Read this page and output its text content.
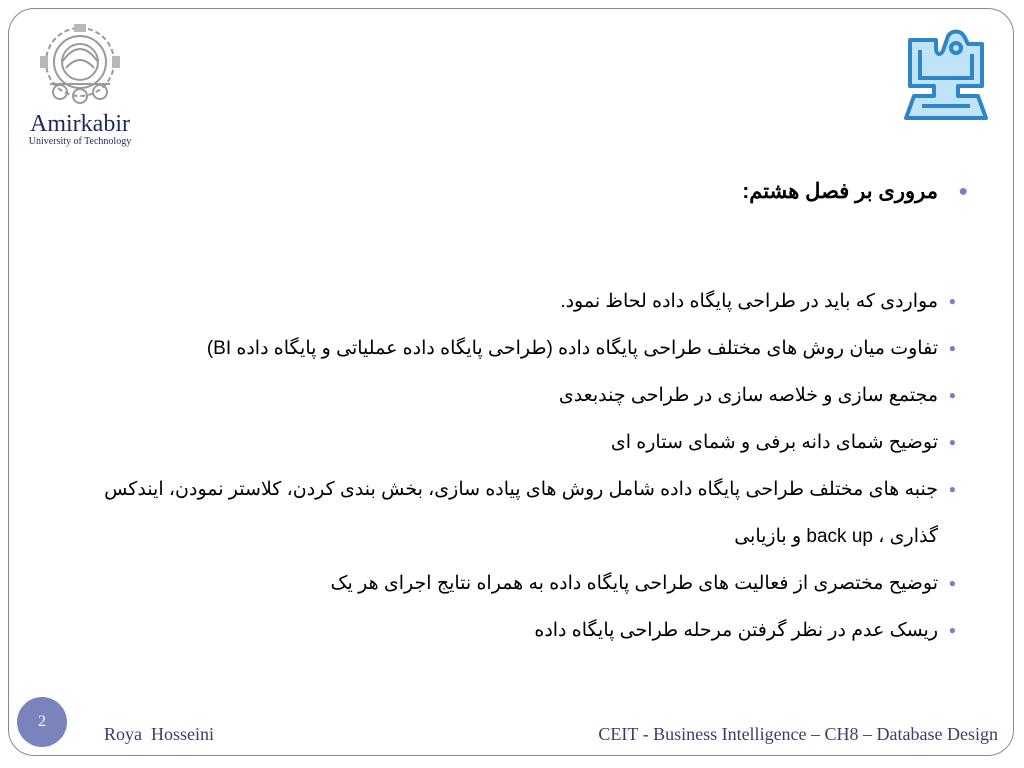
Amirkabir
University of Technology
●
مروری بر فصل هشتم:
●
مواردی که باید در طراحی پایگاه داده لحاظ نمود.
●
تفاوت میان روش های مختلف طراحی پایگاه داده (طراحی پایگاه داده عملیاتی و پایگاه داده BI)
●
مجتمع سازی و خلاصه سازی در طراحی چندبعدی
●
توضیح شمای دانه برفی و شمای ستاره ای
●
جنبه های مختلف طراحی پایگاه داده شامل روش های پیاده سازی، بخش بندی کردن، کلاستر نمودن، ایندکس گذاری ، back up و بازیابی
●
توضیح مختصری از فعالیت های طراحی پایگاه داده به همراه نتایج اجرای هر یک
●
ریسک عدم در نظر گرفتن مرحله طراحی پایگاه داده
2
Roya  Hosseini	CEIT - Business Intelligence – CH8 – Database Design
